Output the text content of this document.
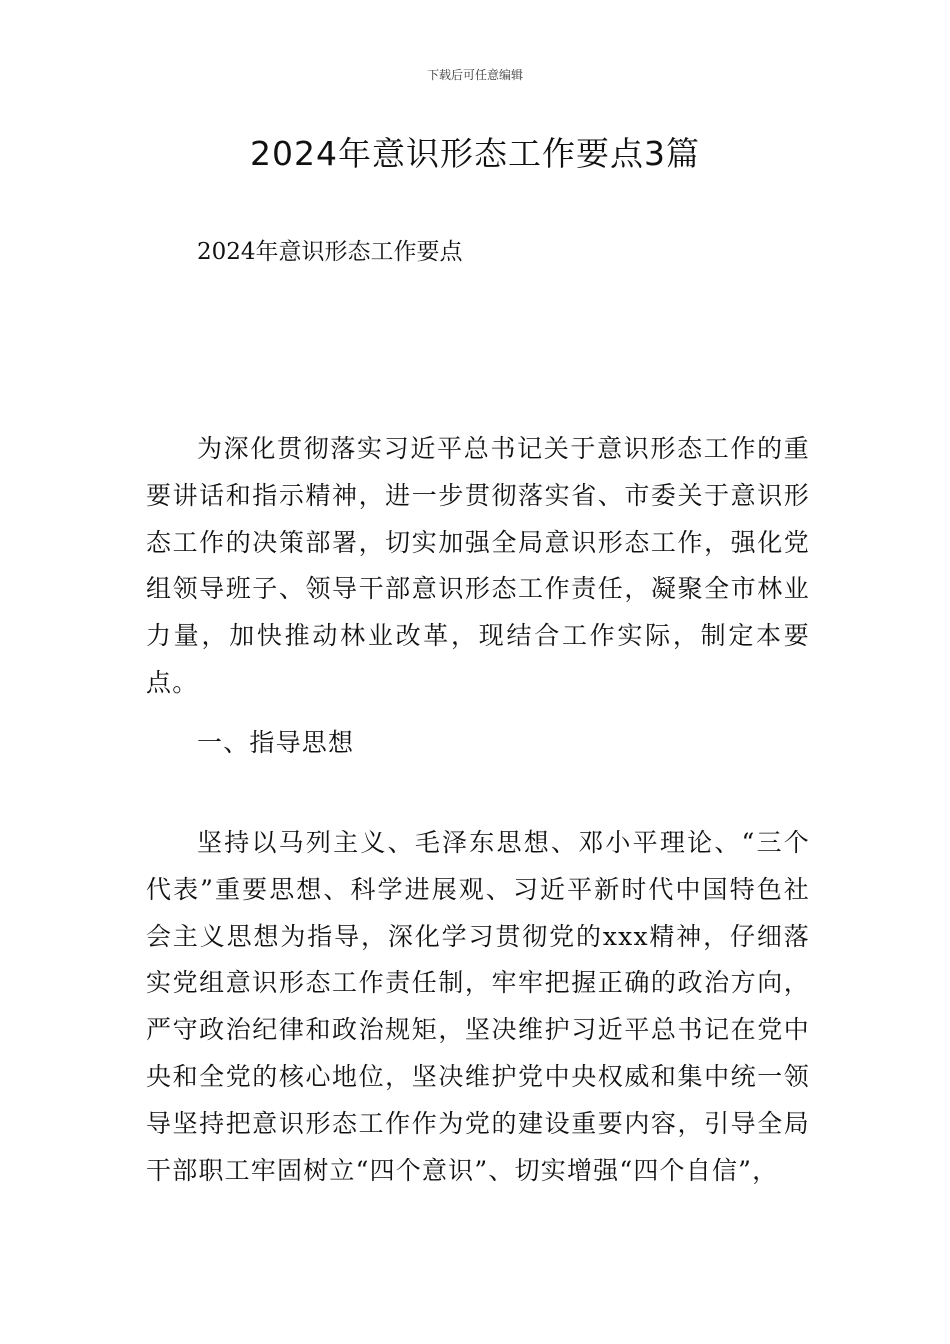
下载后可任意编辑
2024年意识形态工作要点3篇

2024年意识形态工作要点

为深化贯彻落实习近平总书记关于意识形态工作的重要讲话和指示精神，进一步贯彻落实省、市委关于意识形态工作的决策部署，切实加强全局意识形态工作，强化党组领导班子、领导干部意识形态工作责任，凝聚全市林业力量，加快推动林业改革，现结合工作实际，制定本要点。

一、指导思想

坚持以马列主义、毛泽东思想、邓小平理论、“三个代表”重要思想、科学进展观、习近平新时代中国特色社会主义思想为指导，深化学习贯彻党的xxx精神，仔细落实党组意识形态工作责任制，牢牢把握正确的政治方向，严守政治纪律和政治规矩，坚决维护习近平总书记在党中央和全党的核心地位，坚决维护党中央权威和集中统一领导坚持把意识形态工作作为党的建设重要内容，引导全局干部职工牢固树立“四个意识”、切实增强“四个自信”，
